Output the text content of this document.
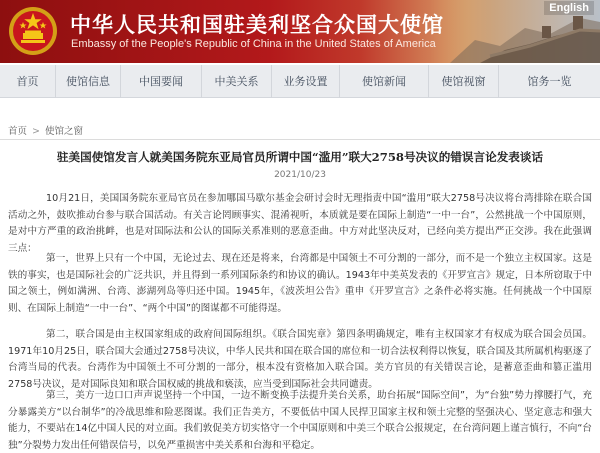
中华人民共和国驻美利坚合众国大使馆
Embassy of the People's Republic of China in the United States of America
English
首页	使馆信息	中国要闻	中美关系	业务设置	使馆新闻	使馆视窗	馆务一览
首页 > 使馆之窗
驻美国使馆发言人就美国务院东亚局官员所谓中国“滥用”联大2758号决议的错误言论发表谈话
2021/10/23

10月21日，美国国务院东亚局官员在参加哪国马歇尔基金会研讨会时无理指责中国“滥用”联大2758号决议将台湾排除在联合国活动之外，鼓吹推动台参与联合国活动。有关言论罔顾事实、混淆视听，本质就是要在国际上制造“一中一台”，公然挑战一个中国原则，是对中方严重的政治挑衅，也是对国际法和公认的国际关系准则的恶意歪曲。中方对此坚决反对，已经向美方提出严正交涉。我在此强调三点：

第一，世界上只有一个中国，无论过去、现在还是将来，台湾都是中国领土不可分割的一部分，而不是一个独立主权国家。这是铁的事实，也是国际社会的广泛共识，并且得到一系列国际条约和协议的确认。1943年中美英发表的《开罗宣言》规定，日本所窃取于中国之领土，例如满洲、台湾、澎湖列岛等归还中国。1945年，《波茨坦公告》重申《开罗宣言》之条件必将实施。任何挑战一个中国原则、在国际上制造“一中一台”、“两个中国”的图谋都不可能得逞。

第二，联合国是由主权国家组成的政府间国际组织。《联合国宪章》第四条明确规定，唯有主权国家才有权成为联合国会员国。1971年10月25日，联合国大会通过2758号决议，中华人民共和国在联合国的席位和一切合法权利得以恢复，联合国及其所属机构驱逐了台湾当局的代表。台湾作为中国领土不可分割的一部分，根本没有资格加入联合国。美方官员的有关错误言论，是蓄意歪曲和篡正滥用2758号决议，是对国际良知和联合国权威的挑战和亵渎，应当受到国际社会共同谴责。

第三，美方一边口口声声说坚持一个中国，一边不断变换手法提升美台关系，助台拓展“国际空间”，为“台独”势力撑腰打气，充分暴露美方“以台制华”的冷战思维和险恶图谋。我们正告美方，不要低估中国人民捍卫国家主权和领土完整的坚强决心、坚定意志和强大能力，不要站在14亿中国人民的对立面。我们敦促美方切实恪守一个中国原则和中美三个联合公报规定，在台湾问题上谨言慎行，不向“台独”分裂势力发出任何错误信号，以免严重损害中美关系和台海和平稳定。
